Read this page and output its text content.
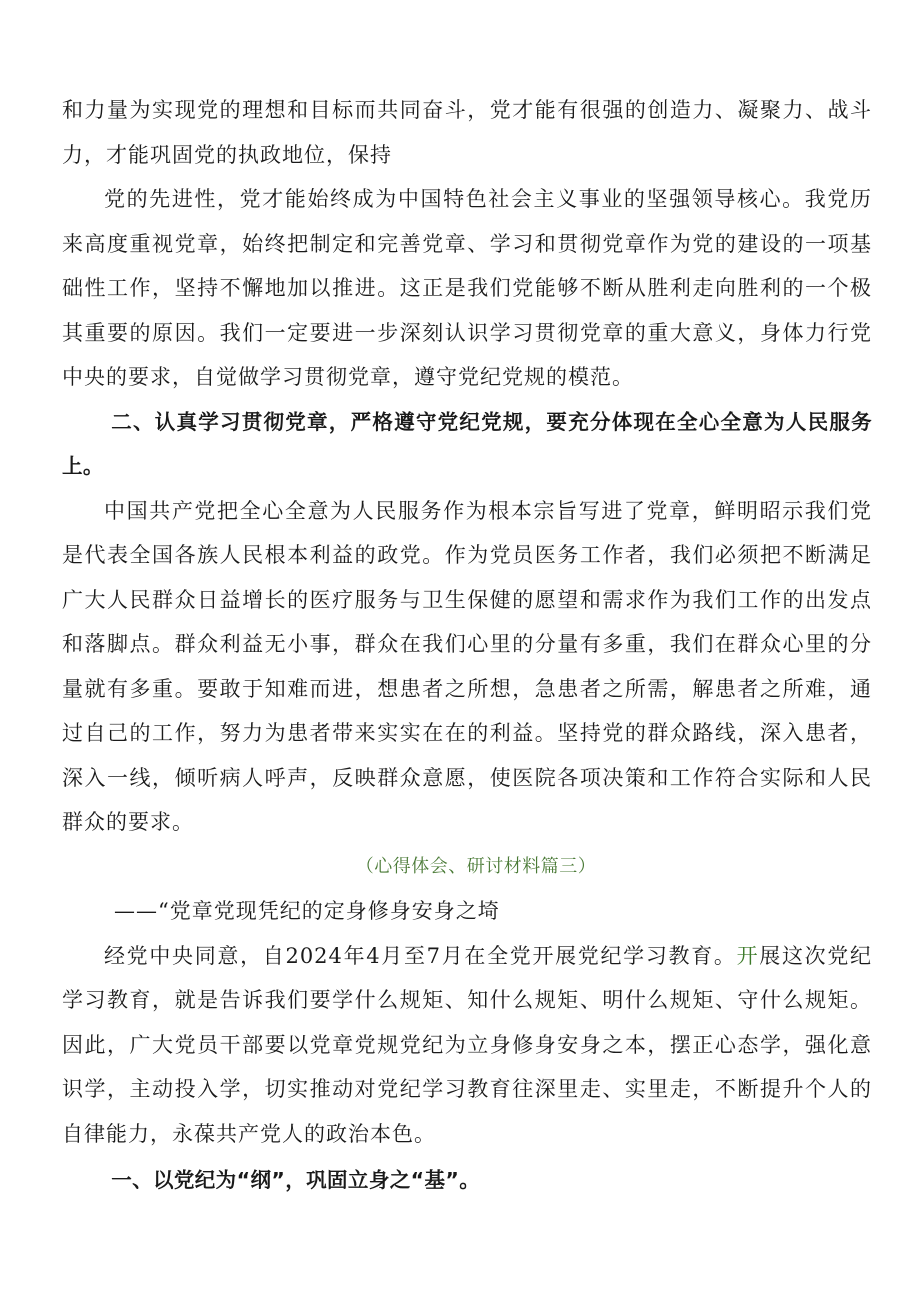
和力量为实现党的理想和目标而共同奋斗，党才能有很强的创造力、凝聚力、战斗力，才能巩固党的执政地位，保持

党的先进性，党才能始终成为中国特色社会主义事业的坚强领导核心。我党历来高度重视党章，始终把制定和完善党章、学习和贯彻党章作为党的建设的一项基础性工作，坚持不懈地加以推进。这正是我们党能够不断从胜利走向胜利的一个极其重要的原因。我们一定要进一步深刻认识学习贯彻党章的重大意义，身体力行党中央的要求，自觉做学习贯彻党章，遵守党纪党规的模范。

二、认真学习贯彻党章，严格遵守党纪党规，要充分体现在全心全意为人民服务上。

中国共产党把全心全意为人民服务作为根本宗旨写进了党章，鲜明昭示我们党是代表全国各族人民根本利益的政党。作为党员医务工作者，我们必须把不断满足广大人民群众日益增长的医疗服务与卫生保健的愿望和需求作为我们工作的出发点和落脚点。群众利益无小事，群众在我们心里的分量有多重，我们在群众心里的分量就有多重。要敢于知难而进，想患者之所想，急患者之所需，解患者之所难，通过自己的工作，努力为患者带来实实在在的利益。坚持党的群众路线，深入患者，深入一线，倾听病人呼声，反映群众意愿，使医院各项决策和工作符合实际和人民群众的要求。

（心得体会、研讨材料篇三）

——“党章党现凭纪的定身修身安身之埼

经党中央同意，自2024年4月至7月在全党开展党纪学习教育。开展这次党纪学习教育，就是告诉我们要学什么规矩、知什么规矩、明什么规矩、守什么规矩。因此，广大党员干部要以党章党规党纪为立身修身安身之本，摆正心态学，强化意识学，主动投入学，切实推动对党纪学习教育往深里走、实里走，不断提升个人的自律能力，永葆共产党人的政治本色。

一、以党纪为“纲”，巩固立身之“基”。
